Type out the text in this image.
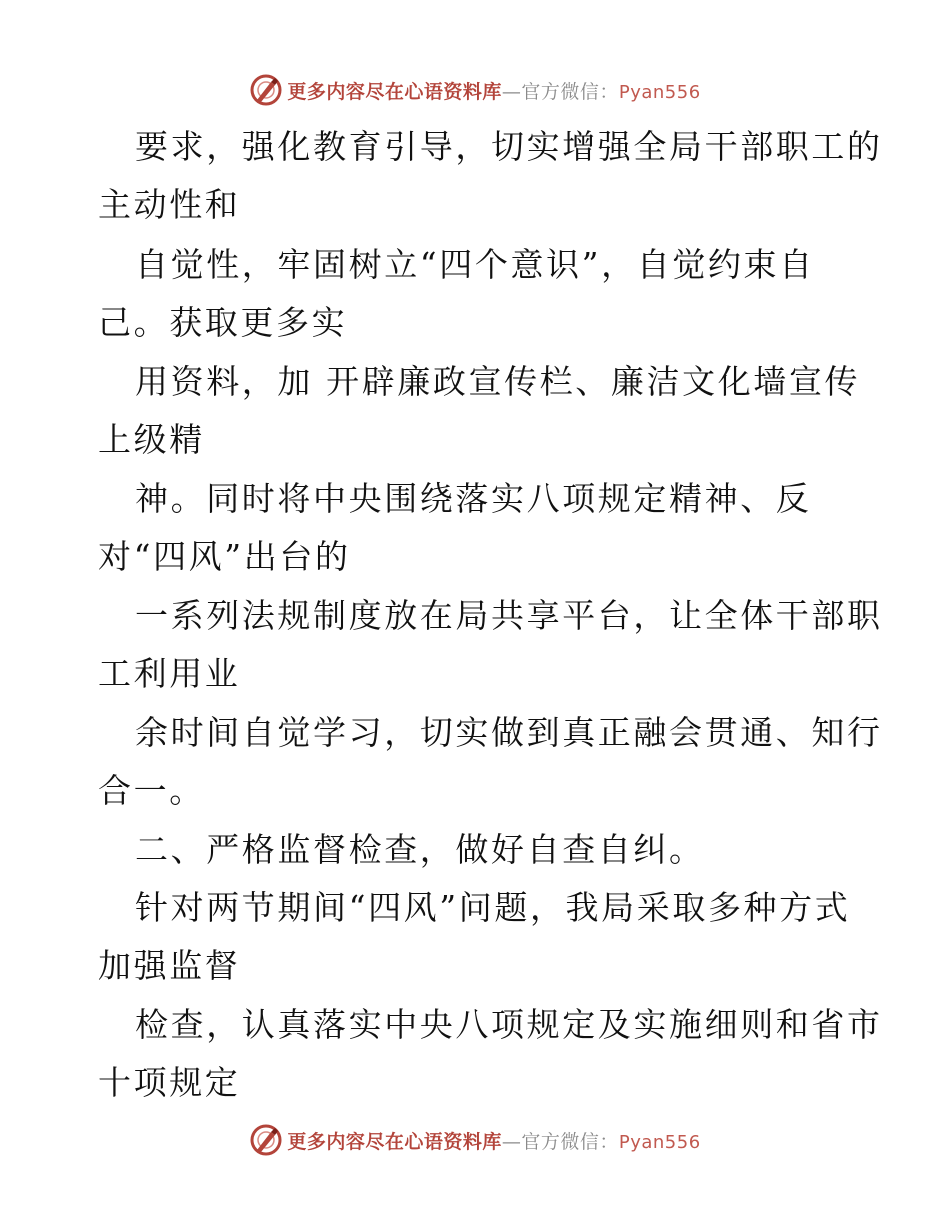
更多内容尽在心语资料库—官方微信：Pyan556
要求，强化教育引导，切实增强全局干部职工的
主动性和
自觉性，牢固树立“四个意识”，自觉约束自
己。获取更多实
用资料，加 开辟廉政宣传栏、廉洁文化墙宣传
上级精
神。同时将中央围绕落实八项规定精神、反
对“四风”出台的
一系列法规制度放在局共享平台，让全体干部职
工利用业
余时间自觉学习，切实做到真正融会贯通、知行
合一。
二、严格监督检查，做好自查自纠。
针对两节期间“四风”问题，我局采取多种方式
加强监督
检查，认真落实中央八项规定及实施细则和省市
十项规定
更多内容尽在心语资料库—官方微信：Pyan556
